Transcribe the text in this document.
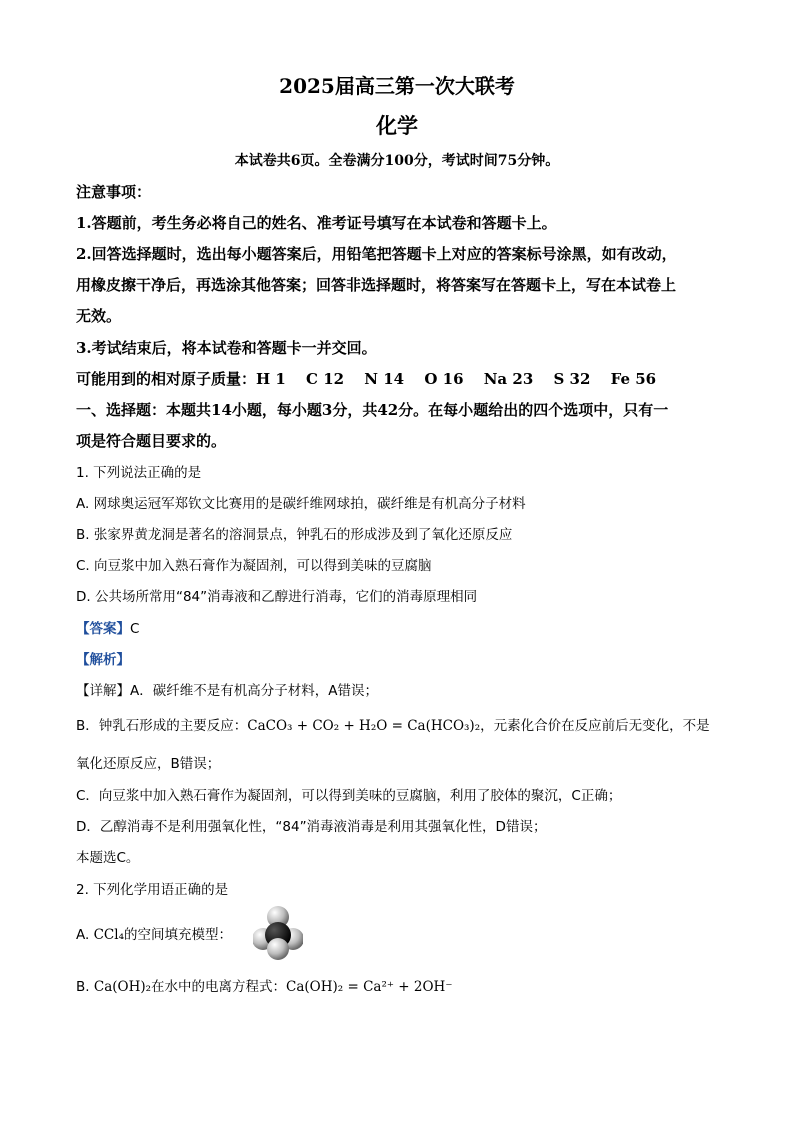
2025届高三第一次大联考
化学
本试卷共6页。全卷满分100分，考试时间75分钟。
注意事项：
1.答题前，考生务必将自己的姓名、准考证号填写在本试卷和答题卡上。
2.回答选择题时，选出每小题答案后，用铅笔把答题卡上对应的答案标号涂黑，如有改动，
用橡皮擦干净后，再选涂其他答案；回答非选择题时，将答案写在答题卡上，写在本试卷上
无效。
3.考试结束后，将本试卷和答题卡一并交回。
可能用到的相对原子质量：H 1　 C 12　 N 14　 O 16　 Na 23　 S 32　 Fe 56
一、选择题：本题共14小题，每小题3分，共42分。在每小题给出的四个选项中，只有一
项是符合题目要求的。
1. 下列说法正确的是
A. 网球奥运冠军郑钦文比赛用的是碳纤维网球拍，碳纤维是有机高分子材料
B. 张家界黄龙洞是著名的溶洞景点，钟乳石的形成涉及到了氧化还原反应
C. 向豆浆中加入熟石膏作为凝固剂，可以得到美味的豆腐脑
D. 公共场所常用“84”消毒液和乙醇进行消毒，它们的消毒原理相同
【答案】C
【解析】
【详解】A．碳纤维不是有机高分子材料，A错误；
B．钟乳石形成的主要反应：CaCO₃ + CO₂ + H₂O = Ca(HCO₃)₂，元素化合价在反应前后无变化，不是
氧化还原反应，B错误；
C．向豆浆中加入熟石膏作为凝固剂，可以得到美味的豆腐脑，利用了胶体的聚沉，C正确；
D．乙醇消毒不是利用强氧化性，“84”消毒液消毒是利用其强氧化性，D错误；
本题选C。
2. 下列化学用语正确的是
A. CCl₄的空间填充模型：
B. Ca(OH)₂在水中的电离方程式：Ca(OH)₂ = Ca²⁺ + 2OH⁻
